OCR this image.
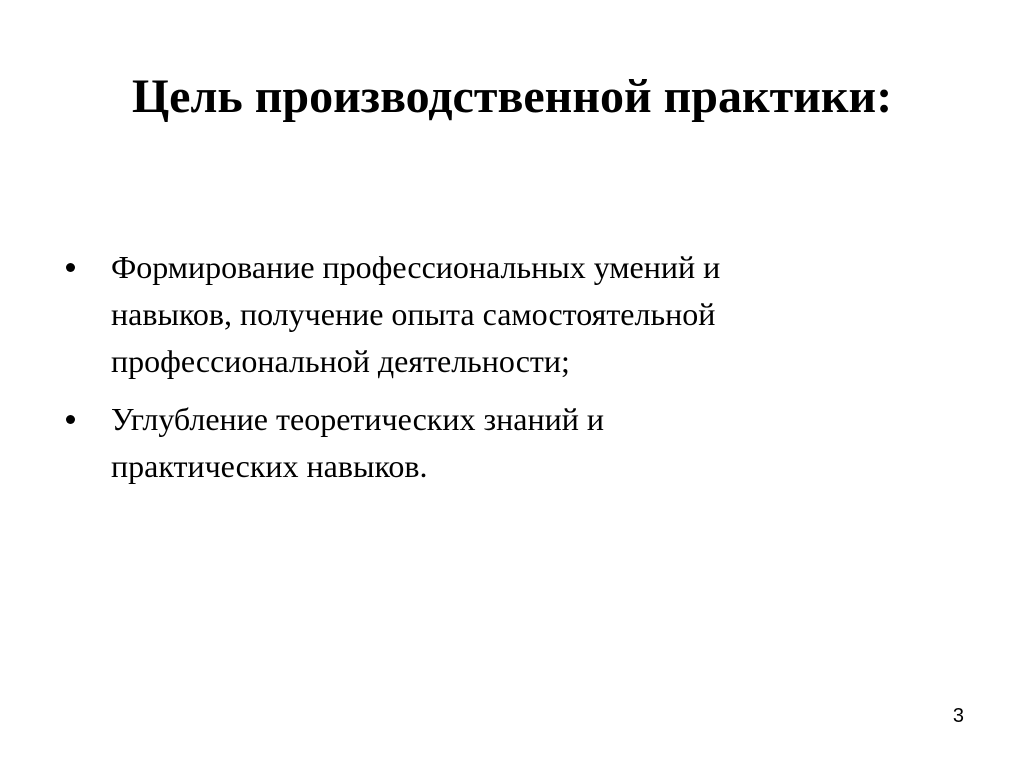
Цель производственной практики:
Формирование профессиональных умений и
навыков, получение опыта самостоятельной
профессиональной деятельности;
Углубление теоретических знаний и
практических навыков.
3
